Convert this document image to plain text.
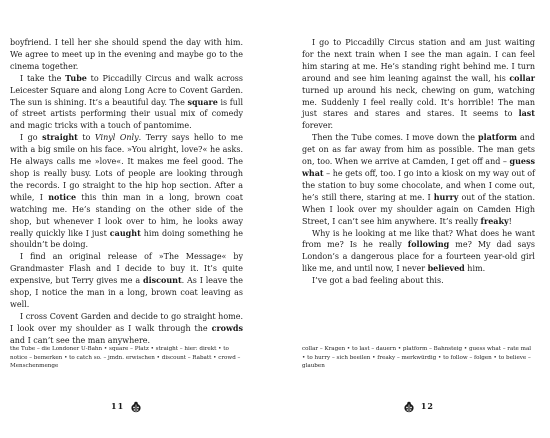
boyfriend. I tell her she should spend the day with him. We agree to meet up in the evening and maybe go to the cinema together.

I take the Tube to Piccadilly Circus and walk across Leicester Square and along Long Acre to Covent Garden. The sun is shining. It’s a beautiful day. The square is full of street artists performing their usual mix of comedy and magic tricks with a touch of pantomime.

I go straight to Vinyl Only. Terry says hello to me with a big smile on his face. »You alright, love?« he asks. He always calls me »love«. It makes me feel good. The shop is really busy. Lots of people are looking through the records. I go straight to the hip hop section. After a while, I notice this thin man in a long, brown coat watching me. He’s standing on the other side of the shop, but whenever I look over to him, he looks away really quickly like I just caught him doing something he shouldn’t be doing.

I find an original release of »The Message« by Grandmaster Flash and I decide to buy it. It’s quite expensive, but Terry gives me a discount. As I leave the shop, I notice the man in a long, brown coat leaving as well.

I cross Covent Garden and decide to go straight home. I look over my shoulder as I walk through the crowds and I can’t see the man anywhere.

the Tube – die Londoner U-Bahn • square – Platz • straight – hier: direkt • to notice – bemerken • to catch so. – jmdn. erwischen • discount – Rabatt • crowd – Menschenmenge
11

I go to Piccadilly Circus station and am just waiting for the next train when I see the man again. I can feel him staring at me. He’s standing right behind me. I turn around and see him leaning against the wall, his collar turned up around his neck, chewing on gum, watching me. Suddenly I feel really cold. It’s horrible! The man just stares and stares and stares. It seems to last forever.

Then the Tube comes. I move down the platform and get on as far away from him as possible. The man gets on, too. When we arrive at Camden, I get off and – guess what – he gets off, too. I go into a kiosk on my way out of the station to buy some chocolate, and when I come out, he’s still there, staring at me. I hurry out of the station. When I look over my shoulder again on Camden High Street, I can’t see him anywhere. It’s really freaky!

Why is he looking at me like that? What does he want from me? Is he really following me? My dad says London’s a dangerous place for a fourteen year-old girl like me, and until now, I never believed him.

I’ve got a bad feeling about this.

collar – Kragen • to last – dauern • platform – Bahnsteig • guess what – rate mal • to hurry – sich beeilen • freaky – merkwürdig • to follow – folgen • to believe – glauben
12
